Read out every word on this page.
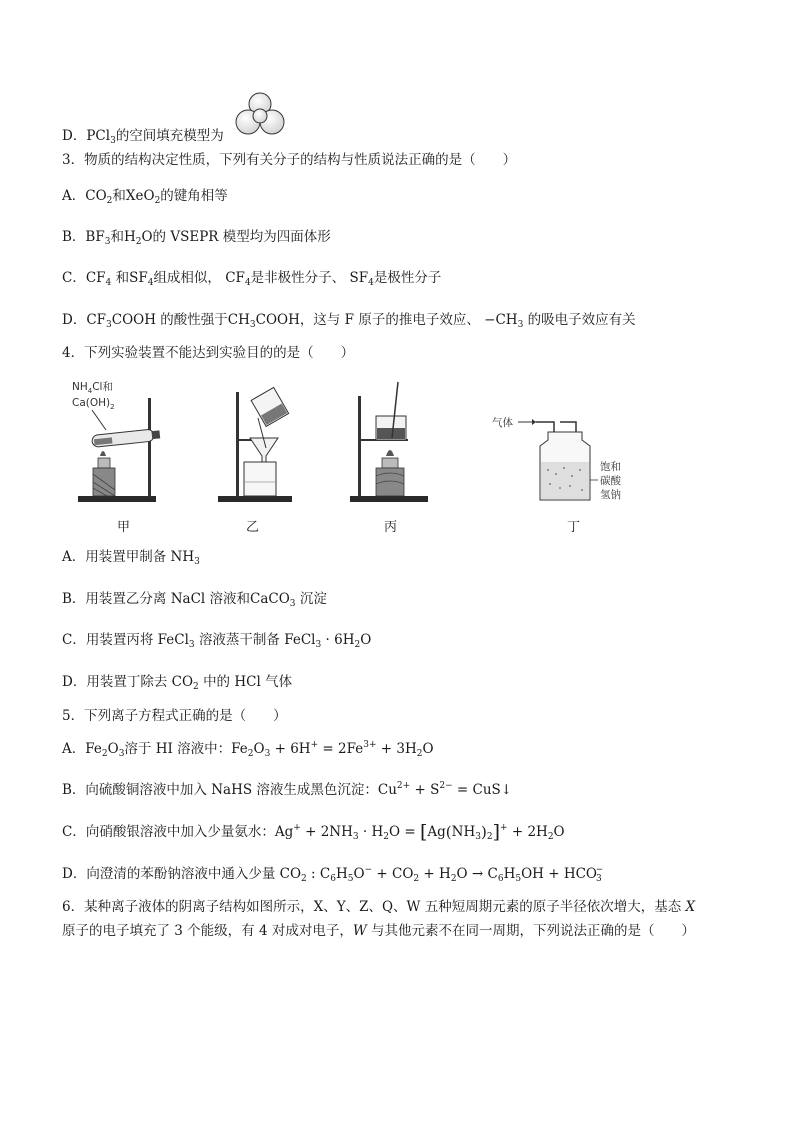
D．PCl$_3$的空间填充模型为
3．物质的结构决定性质，下列有关分子的结构与性质说法正确的是（　　）
A．$CO_2$和XeO$_2$的键角相等
B．$BF_3$和$H_2O$的 VSEPR 模型均为四面体形
C．$CF_4$ 和$SF_4$组成相似， $CF_4$是非极性分子、 $SF_4$是极性分子
D．$CF_3COOH$ 的酸性强于$CH_3COOH$，这与 F 原子的推电子效应、 $-CH_3$ 的吸电子效应有关
4．下列实验装置不能达到实验目的的是（　　）
$NH_4Cl$和
$Ca(OH)_2$
甲	乙	丙
气体
饱和
碳酸
氢钠
丁
A．用装置甲制备 $NH_3$
B．用装置乙分离 NaCl 溶液和CaCO$_3$ 沉淀
C．用装置丙将 FeCl$_3$ 溶液蒸干制备 FeCl$_3$ · $6H_2O$
D．用装置丁除去 $CO_2$ 中的 HCl 气体
5．下列离子方程式正确的是（　　）
A．$Fe_2O_3$溶于 HI 溶液中：$Fe_2O_3 + 6H^+ = 2Fe^{3+} + 3H_2O$
B．向硫酸铜溶液中加入 NaHS 溶液生成黑色沉淀：$Cu^{2+} + S^{2-}$ = CuS↓
C．向硝酸银溶液中加入少量氨水：$Ag^+ + 2NH_3 \cdot H_2O = [Ag(NH_3)_2]^+ + 2H_2O$
D．向澄清的苯酚钠溶液中通入少量 $CO_2$ : $C_6H_5O^- + CO_2 + H_2O \to C_6H_5OH + HCO_3^-$
6．某种离子液体的阴离子结构如图所示，X、Y、Z、Q、W 五种短周期元素的原子半径依次增大，基态 X
原子的电子填充了 3 个能级，有 4 对成对电子，W 与其他元素不在同一周期，下列说法正确的是（　　）
